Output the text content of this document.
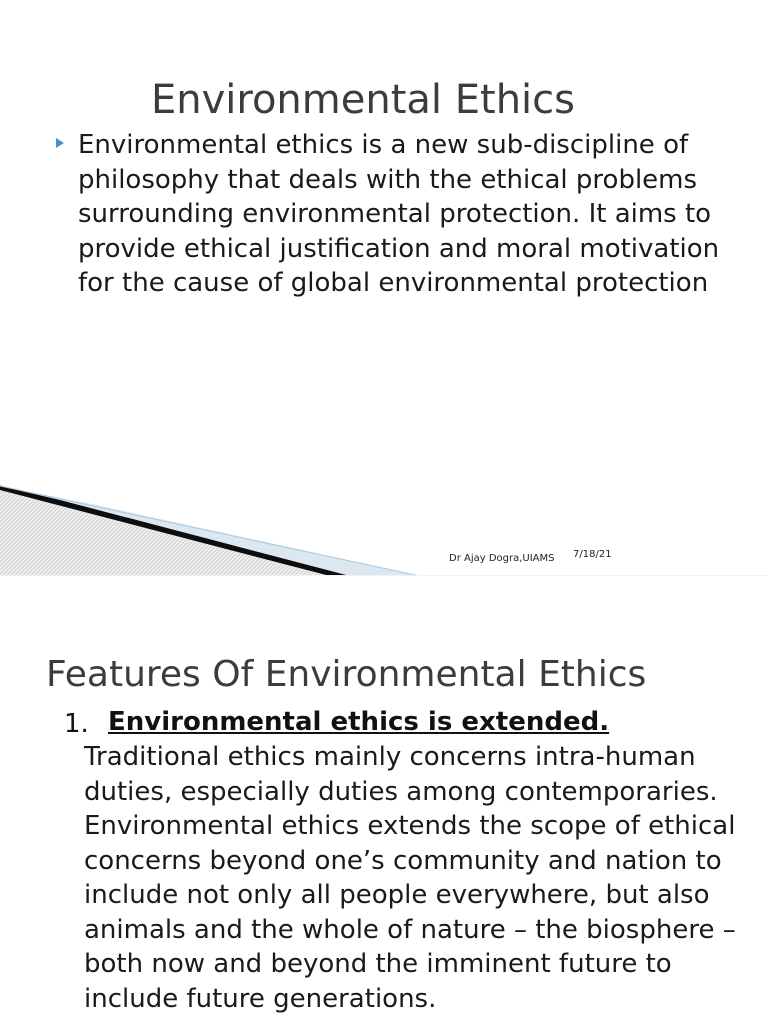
Environmental Ethics
Environmental ethics is a new sub-discipline of philosophy that deals with the ethical problems surrounding environmental protection. It aims to provide ethical justification and moral motivation for the cause of global environmental protection
Dr Ajay Dogra,UIAMS 7/18/21
Features Of Environmental Ethics
1. Environmental ethics is extended.
Traditional ethics mainly concerns intra-human duties, especially duties among contemporaries. Environmental ethics extends the scope of ethical concerns beyond one’s community and nation to include not only all people everywhere, but also animals and the whole of nature – the biosphere – both now and beyond the imminent future to include future generations.
